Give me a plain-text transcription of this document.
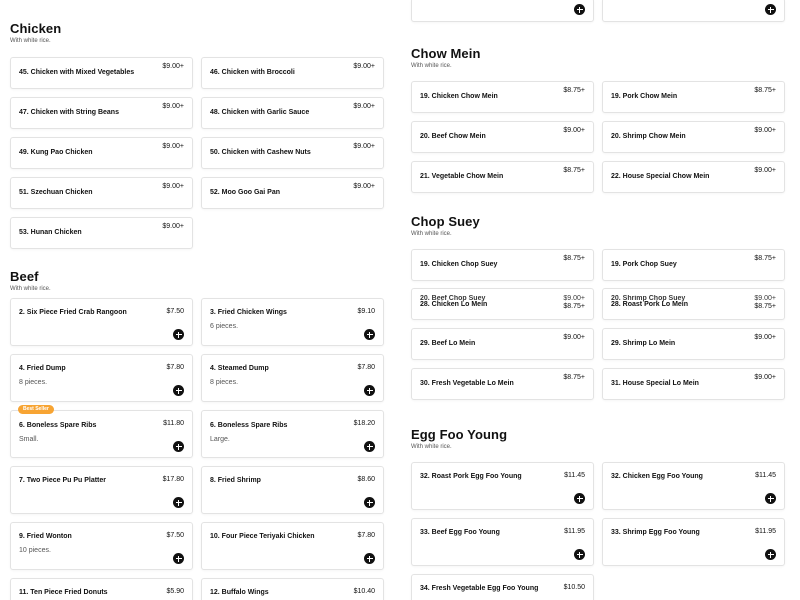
Chicken
With white rice.
45. Chicken with Mixed Vegetables
$9.00+
46. Chicken with Broccoli
$9.00+
47. Chicken with String Beans
$9.00+
48. Chicken with Garlic Sauce
$9.00+
49. Kung Pao Chicken
$9.00+
50. Chicken with Cashew Nuts
$9.00+
51. Szechuan Chicken
$9.00+
52. Moo Goo Gai Pan
$9.00+
53. Hunan Chicken
$9.00+
Beef
With white rice.
2. Six Piece Fried Crab Rangoon	$7.50	3. Fried Chicken Wings
6 pieces.
$9.10
4. Fried Dump
8 pieces.
$7.80	4. Steamed Dump
8 pieces.
$7.80
Best Seller
6. Boneless Spare Ribs
Small.
$11.80	6. Boneless Spare Ribs
Large.
$18.20
7. Two Piece Pu Pu Platter	$17.80	8. Fried Shrimp	$8.60
9. Fried Wonton
10 pieces.
$7.50	10. Four Piece Teriyaki Chicken	$7.80
11. Ten Piece Fried Donuts	$5.90	12. Buffalo Wings	$10.40
Chow Mein
With white rice.
19. Chicken Chow Mein
$8.75+
19. Pork Chow Mein
$8.75+
20. Beef Chow Mein
$9.00+
20. Shrimp Chow Mein
$9.00+
21. Vegetable Chow Mein
$8.75+
22. House Special Chow Mein
$9.00+
Chop Suey
With white rice.
19. Chicken Chop Suey
$8.75+
19. Pork Chop Suey
$8.75+
20. Beef Chop Suey	$9.00+
28. Chicken Lo Mein	$8.75+
20. Shrimp Chop Suey	$9.00+
28. Roast Pork Lo Mein	$8.75+
29. Beef Lo Mein
$9.00+
29. Shrimp Lo Mein
$9.00+
30. Fresh Vegetable Lo Mein
$8.75+
31. House Special Lo Mein
$9.00+
Egg Foo Young
With white rice.
32. Roast Pork Egg Foo Young	$11.45	32. Chicken Egg Foo Young	$11.45
33. Beef Egg Foo Young	$11.95	33. Shrimp Egg Foo Young	$11.95
34. Fresh Vegetable Egg Foo Young	$10.50
